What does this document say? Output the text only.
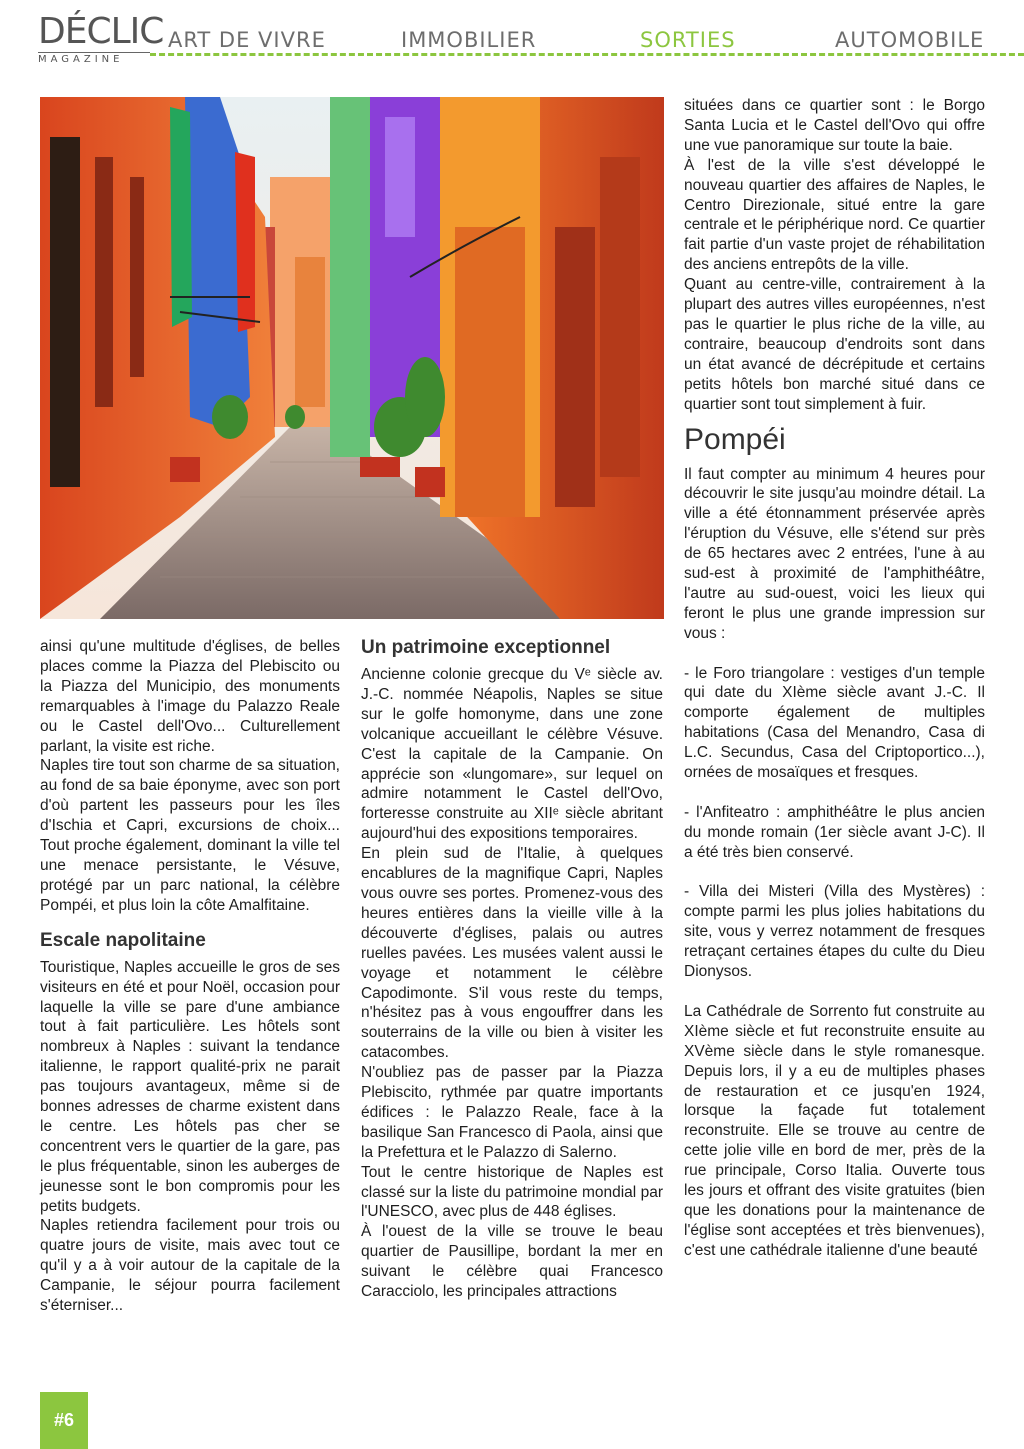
DÉCLIC
MAGAZINE
ART DE VIVRE	IMMOBILIER	SORTIES	AUTOMOBILE

ainsi qu'une multitude d'églises, de belles places comme la Piazza del Plebiscito ou la Piazza del Municipio, des monuments remarquables à l'image du Palazzo Reale ou le Castel dell'Ovo... Culturellement parlant, la visite est riche.

Naples tire tout son charme de sa situation, au fond de sa baie éponyme, avec son port d'où partent les passeurs pour les îles d'Ischia et Capri, excursions de choix... Tout proche également, dominant la ville tel une menace persistante, le Vésuve, protégé par un parc national, la célèbre Pompéi, et plus loin la côte Amalfitaine.

Escale napolitaine

Touristique, Naples accueille le gros de ses visiteurs en été et pour Noël, occasion pour laquelle la ville se pare d'une ambiance tout à fait particulière. Les hôtels sont nombreux à Naples : suivant la tendance italienne, le rapport qualité-prix ne parait pas toujours avantageux, même si de bonnes adresses de charme existent dans le centre. Les hôtels pas cher se concentrent vers le quartier de la gare, pas le plus fréquentable, sinon les auberges de jeunesse sont le bon compromis pour les petits budgets.

Naples retiendra facilement pour trois ou quatre jours de visite, mais avec tout ce qu'il y a à voir autour de la capitale de la Campanie, le séjour pourra facilement s'éterniser...

Un patrimoine exceptionnel

Ancienne colonie grecque du Vᵉ siècle av. J.-C. nommée Néapolis, Naples se situe sur le golfe homonyme, dans une zone volcanique accueillant le célèbre Vésuve. C'est la capitale de la Campanie. On apprécie son «lungomare», sur lequel on admire notamment le Castel dell'Ovo, forteresse construite au XIIᵉ siècle abritant aujourd'hui des expositions temporaires.

En plein sud de l'Italie, à quelques encablures de la magnifique Capri, Naples vous ouvre ses portes. Promenez-vous des heures entières dans la vieille ville à la découverte d'églises, palais ou autres ruelles pavées. Les musées valent aussi le voyage et notamment le célèbre Capodimonte. S'il vous reste du temps, n'hésitez pas à vous engouffrer dans les souterrains de la ville ou bien à visiter les catacombes.

N'oubliez pas de passer par la Piazza Plebiscito, rythmée par quatre importants édifices : le Palazzo Reale, face à la basilique San Francesco di Paola, ainsi que la Prefettura et le Palazzo di Salerno.

Tout le centre historique de Naples est classé sur la liste du patrimoine mondial par l'UNESCO, avec plus de 448 églises.

À l'ouest de la ville se trouve le beau quartier de Pausillipe, bordant la mer en suivant le célèbre quai Francesco Caracciolo, les principales attractions

situées dans ce quartier sont : le Borgo Santa Lucia et le Castel dell'Ovo qui offre une vue panoramique sur toute la baie.

À l'est de la ville s'est développé le nouveau quartier des affaires de Naples, le Centro Direzionale, situé entre la gare centrale et le périphérique nord. Ce quartier fait partie d'un vaste projet de réhabilitation des anciens entrepôts de la ville.

Quant au centre-ville, contrairement à la plupart des autres villes européennes, n'est pas le quartier le plus riche de la ville, au contraire, beaucoup d'endroits sont dans un état avancé de décrépitude et certains petits hôtels bon marché situé dans ce quartier sont tout simplement à fuir.

Pompéi

Il faut compter au minimum 4 heures pour découvrir le site jusqu'au moindre détail. La ville a été étonnamment préservée après l'éruption du Vésuve, elle s'étend sur près de 65 hectares avec 2 entrées, l'une à au sud-est à proximité de l'amphithéâtre, l'autre au sud-ouest, voici les lieux qui feront le plus une grande impression sur vous :

- le Foro triangolare : vestiges d'un temple qui date du XIème siècle avant J.-C. Il comporte également de multiples habitations (Casa del Menandro, Casa di L.C. Secundus, Casa del Criptoportico...), ornées de mosaïques et fresques.

- l'Anfiteatro : amphithéâtre le plus ancien du monde romain (1er siècle avant J-C). Il a été très bien conservé.

- Villa dei Misteri (Villa des Mystères) : compte parmi les plus jolies habitations du site, vous y verrez notamment de fresques retraçant certaines étapes du culte du Dieu Dionysos.

La Cathédrale de Sorrento fut construite au XIème siècle et fut reconstruite ensuite au XVème siècle dans le style romanesque. Depuis lors, il y a eu de multiples phases de restauration et ce jusqu'en 1924, lorsque la façade fut totalement reconstruite. Elle se trouve au centre de cette jolie ville en bord de mer, près de la rue principale, Corso Italia. Ouverte tous les jours et offrant des visite gratuites (bien que les donations pour la maintenance de l'église sont acceptées et très bienvenues), c'est une cathédrale italienne d'une beauté

#6
